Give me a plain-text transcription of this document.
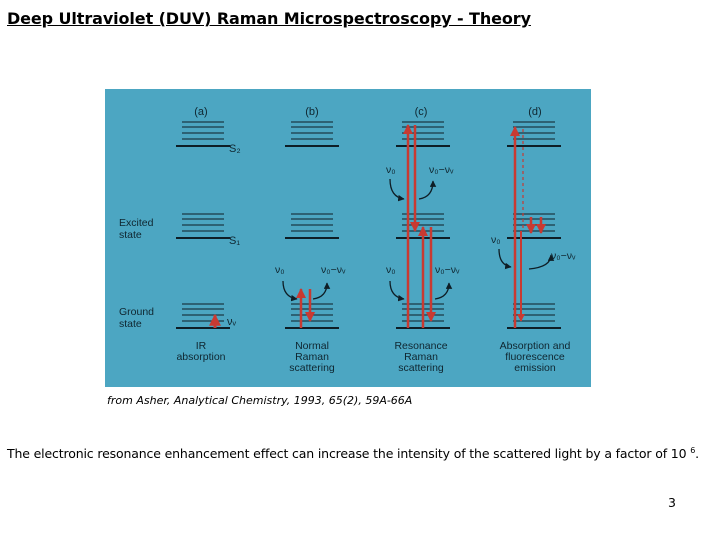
Deep Ultraviolet (DUV) Raman Microspectroscopy - Theory
(a)	(b)	(c)	(d)
S₂
S₁
Excited
state
Ground
state	νᵥ
ν₀	ν₀−νᵥ
ν₀	ν₀−νᵥ
ν₀	ν₀−νᵥ
ν₀
ν₀−νᵥ
IR
absorption
Normal
Raman
scattering
Resonance
Raman
scattering
Absorption and
fluorescence
emission

from Asher, Analytical Chemistry, 1993, 65(2), 59A-66A

The electronic resonance enhancement effect can increase the intensity of the scattered light by a factor of 10 $^6$.

3
